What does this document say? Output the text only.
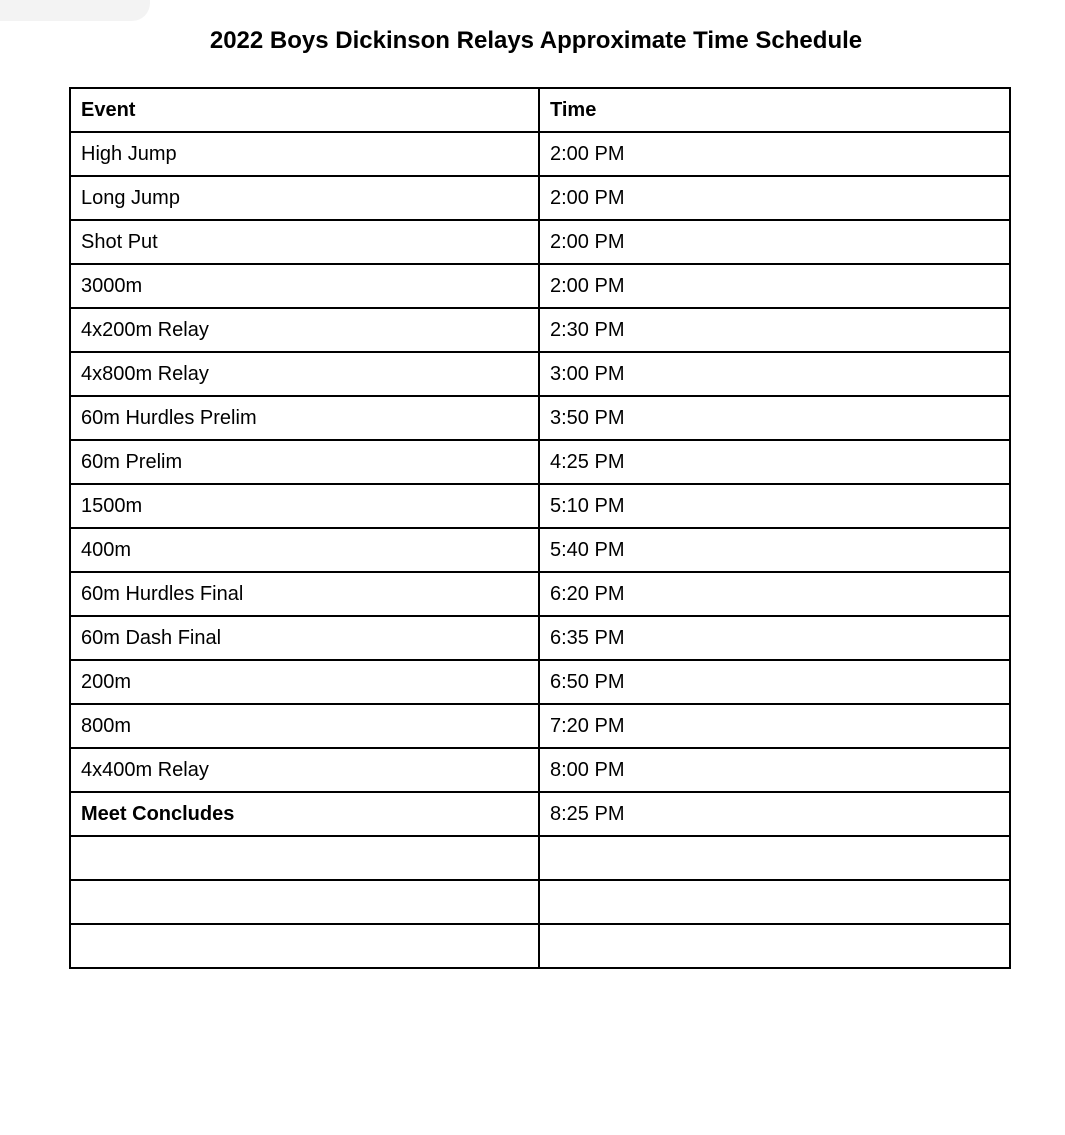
2022 Boys Dickinson Relays Approximate Time Schedule
Event	Time
High Jump	2:00 PM
Long Jump	2:00 PM
Shot Put	2:00 PM
3000m	2:00 PM
4x200m Relay	2:30 PM
4x800m Relay	3:00 PM
60m Hurdles Prelim	3:50 PM
60m Prelim	4:25 PM
1500m	5:10 PM
400m	5:40 PM
60m Hurdles Final	6:20 PM
60m Dash Final	6:35 PM
200m	6:50 PM
800m	7:20 PM
4x400m Relay	8:00 PM
Meet Concludes	8:25 PM
